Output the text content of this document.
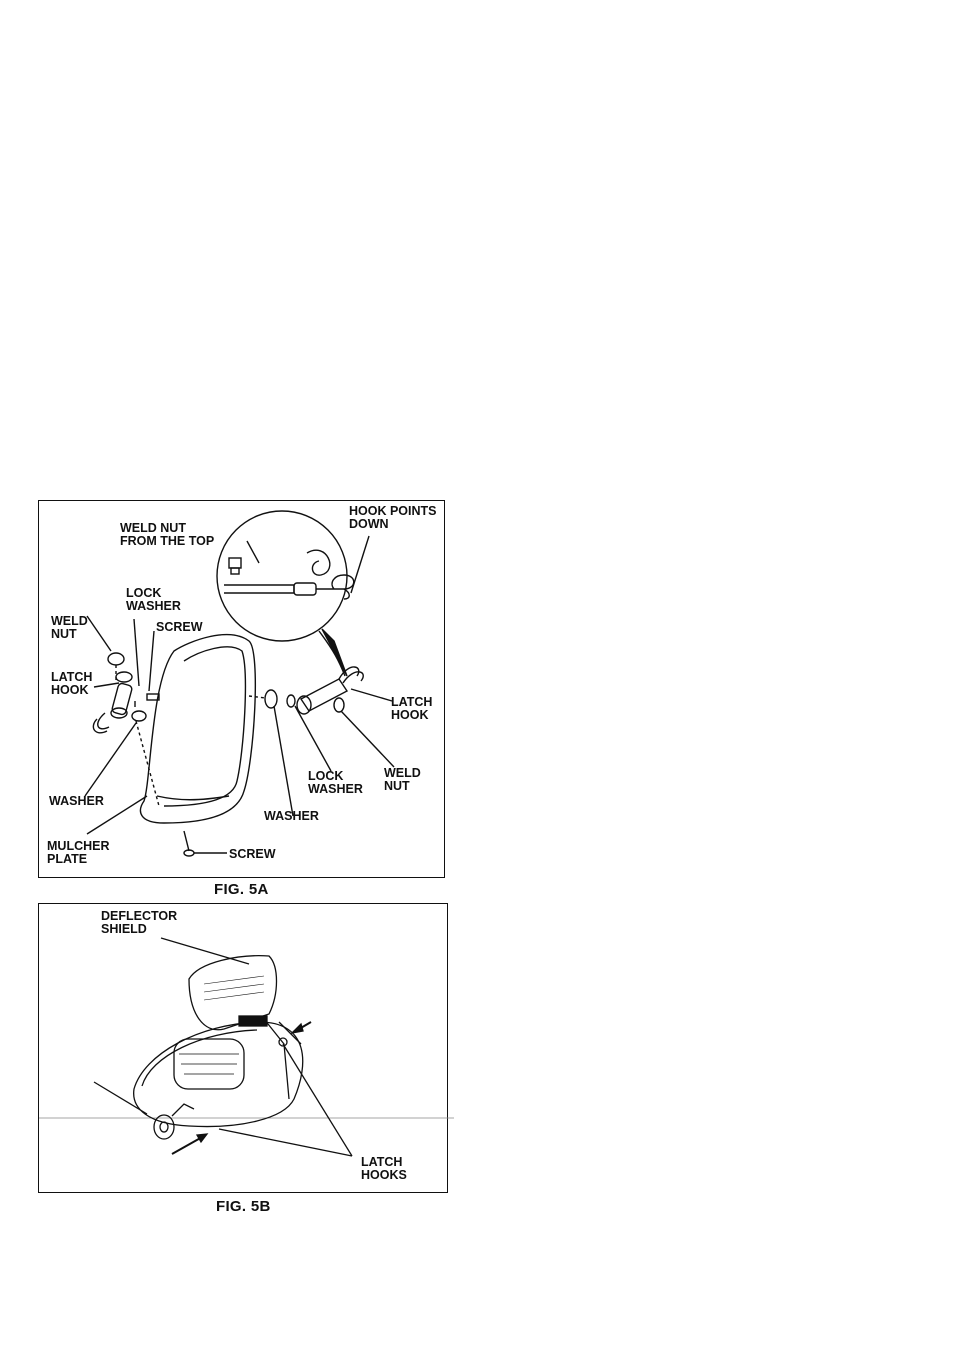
HOOK POINTS
DOWN
WELD NUT
FROM THE TOP
LOCK
WASHER
WELD
NUT	SCREW
LATCH
HOOK
LATCH
HOOK
WELD
NUT
LOCK
WASHER
WASHER
WASHER
MULCHER
PLATE	SCREW
FIG. 5A
DEFLECTOR
SHIELD
LATCH
HOOKS
FIG. 5B
